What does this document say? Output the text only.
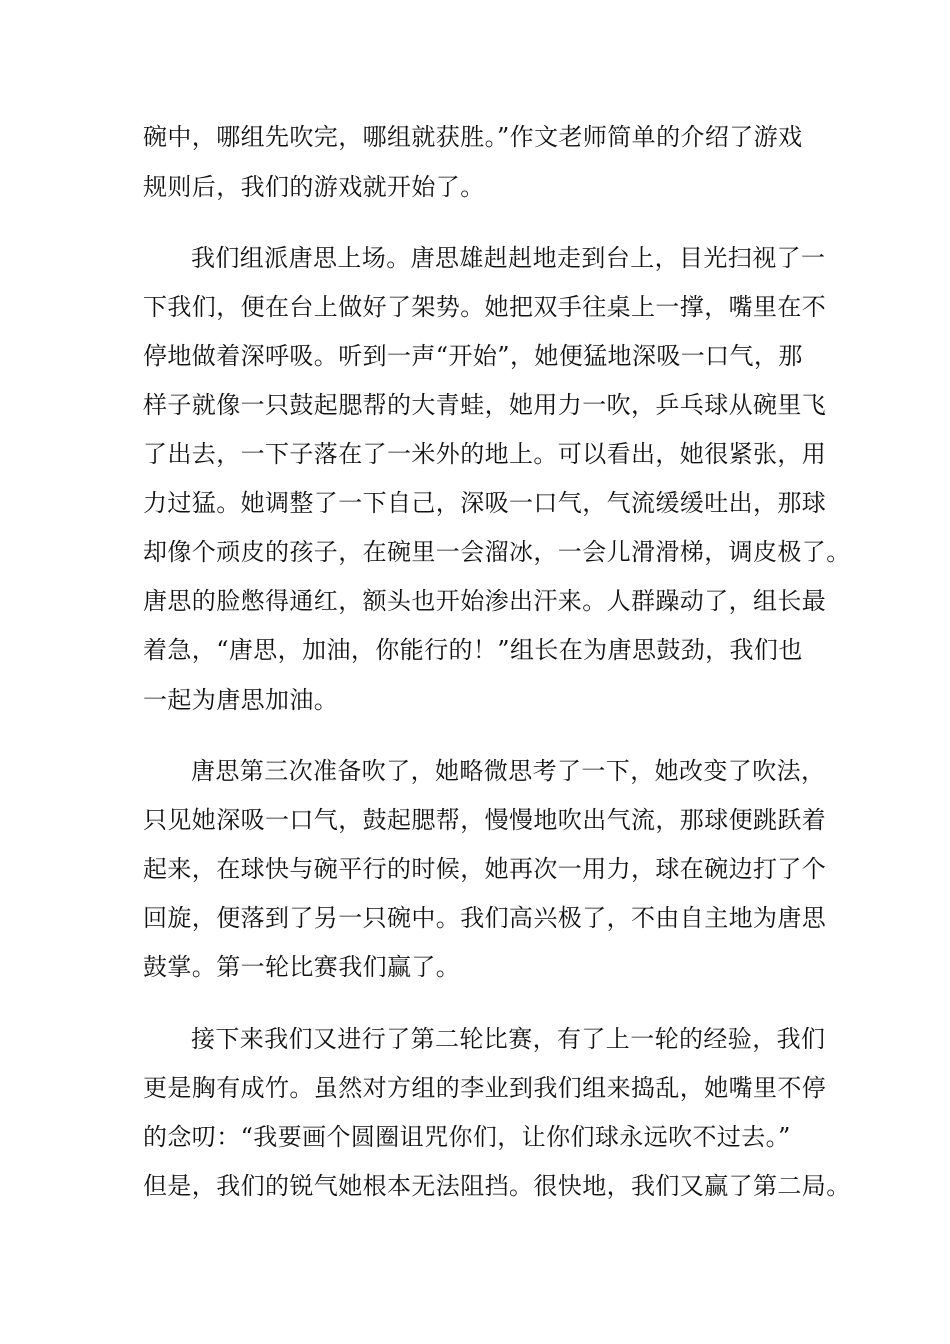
碗中，哪组先吹完，哪组就获胜。”作文老师简单的介绍了游戏
规则后，我们的游戏就开始了。
我们组派唐思上场。唐思雄赳赳地走到台上，目光扫视了一
下我们，便在台上做好了架势。她把双手往桌上一撑，嘴里在不
停地做着深呼吸。听到一声“开始”，她便猛地深吸一口气，那
样子就像一只鼓起腮帮的大青蛙，她用力一吹，乒乓球从碗里飞
了出去，一下子落在了一米外的地上。可以看出，她很紧张，用
力过猛。她调整了一下自己，深吸一口气，气流缓缓吐出，那球
却像个顽皮的孩子，在碗里一会溜冰，一会儿滑滑梯，调皮极了。
唐思的脸憋得通红，额头也开始渗出汗来。人群躁动了，组长最
着急，“唐思，加油，你能行的！”组长在为唐思鼓劲，我们也
一起为唐思加油。
唐思第三次准备吹了，她略微思考了一下，她改变了吹法，
只见她深吸一口气，鼓起腮帮，慢慢地吹出气流，那球便跳跃着
起来，在球快与碗平行的时候，她再次一用力，球在碗边打了个
回旋，便落到了另一只碗中。我们高兴极了，不由自主地为唐思
鼓掌。第一轮比赛我们赢了。
接下来我们又进行了第二轮比赛，有了上一轮的经验，我们
更是胸有成竹。虽然对方组的李业到我们组来捣乱，她嘴里不停
的念叨：“我要画个圆圈诅咒你们，让你们球永远吹不过去。”
但是，我们的锐气她根本无法阻挡。很快地，我们又赢了第二局。
